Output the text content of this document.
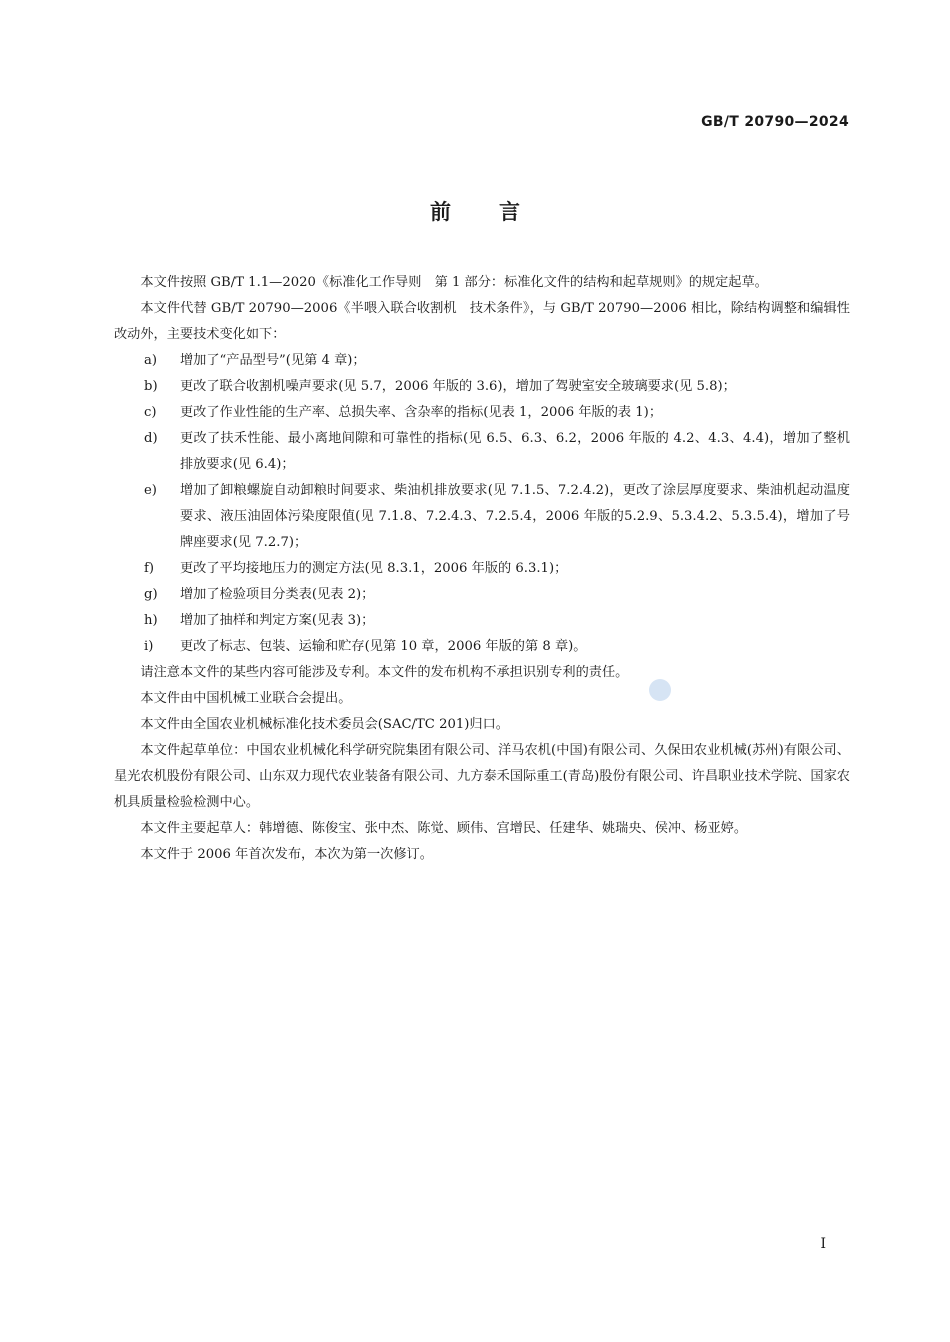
GB/T 20790—2024
前言

本文件按照 GB/T 1.1—2020《标准化工作导则　第 1 部分：标准化文件的结构和起草规则》的规定起草。

本文件代替 GB/T 20790—2006《半喂入联合收割机　技术条件》，与 GB/T 20790—2006 相比，除结构调整和编辑性改动外，主要技术变化如下：

a)	增加了“产品型号”(见第 4 章)；
b)	更改了联合收割机噪声要求(见 5.7，2006 年版的 3.6)，增加了驾驶室安全玻璃要求(见 5.8)；
c)	更改了作业性能的生产率、总损失率、含杂率的指标(见表 1，2006 年版的表 1)；
d)	更改了扶禾性能、最小离地间隙和可靠性的指标(见 6.5、6.3、6.2，2006 年版的 4.2、4.3、4.4)，增加了整机排放要求(见 6.4)；
e)	增加了卸粮螺旋自动卸粮时间要求、柴油机排放要求(见 7.1.5、7.2.4.2)，更改了涂层厚度要求、柴油机起动温度要求、液压油固体污染度限值(见 7.1.8、7.2.4.3、7.2.5.4，2006 年版的5.2.9、5.3.4.2、5.3.5.4)，增加了号牌座要求(见 7.2.7)；
f)	更改了平均接地压力的测定方法(见 8.3.1，2006 年版的 6.3.1)；
g)	增加了检验项目分类表(见表 2)；
h)	增加了抽样和判定方案(见表 3)；
i)	更改了标志、包装、运输和贮存(见第 10 章，2006 年版的第 8 章)。

请注意本文件的某些内容可能涉及专利。本文件的发布机构不承担识别专利的责任。

本文件由中国机械工业联合会提出。

本文件由全国农业机械标准化技术委员会(SAC/TC 201)归口。

本文件起草单位：中国农业机械化科学研究院集团有限公司、洋马农机(中国)有限公司、久保田农业机械(苏州)有限公司、星光农机股份有限公司、山东双力现代农业装备有限公司、九方泰禾国际重工(青岛)股份有限公司、许昌职业技术学院、国家农机具质量检验检测中心。

本文件主要起草人：韩增德、陈俊宝、张中杰、陈觉、顾伟、宫增民、任建华、姚瑞央、侯冲、杨亚婷。

本文件于 2006 年首次发布，本次为第一次修订。

I
